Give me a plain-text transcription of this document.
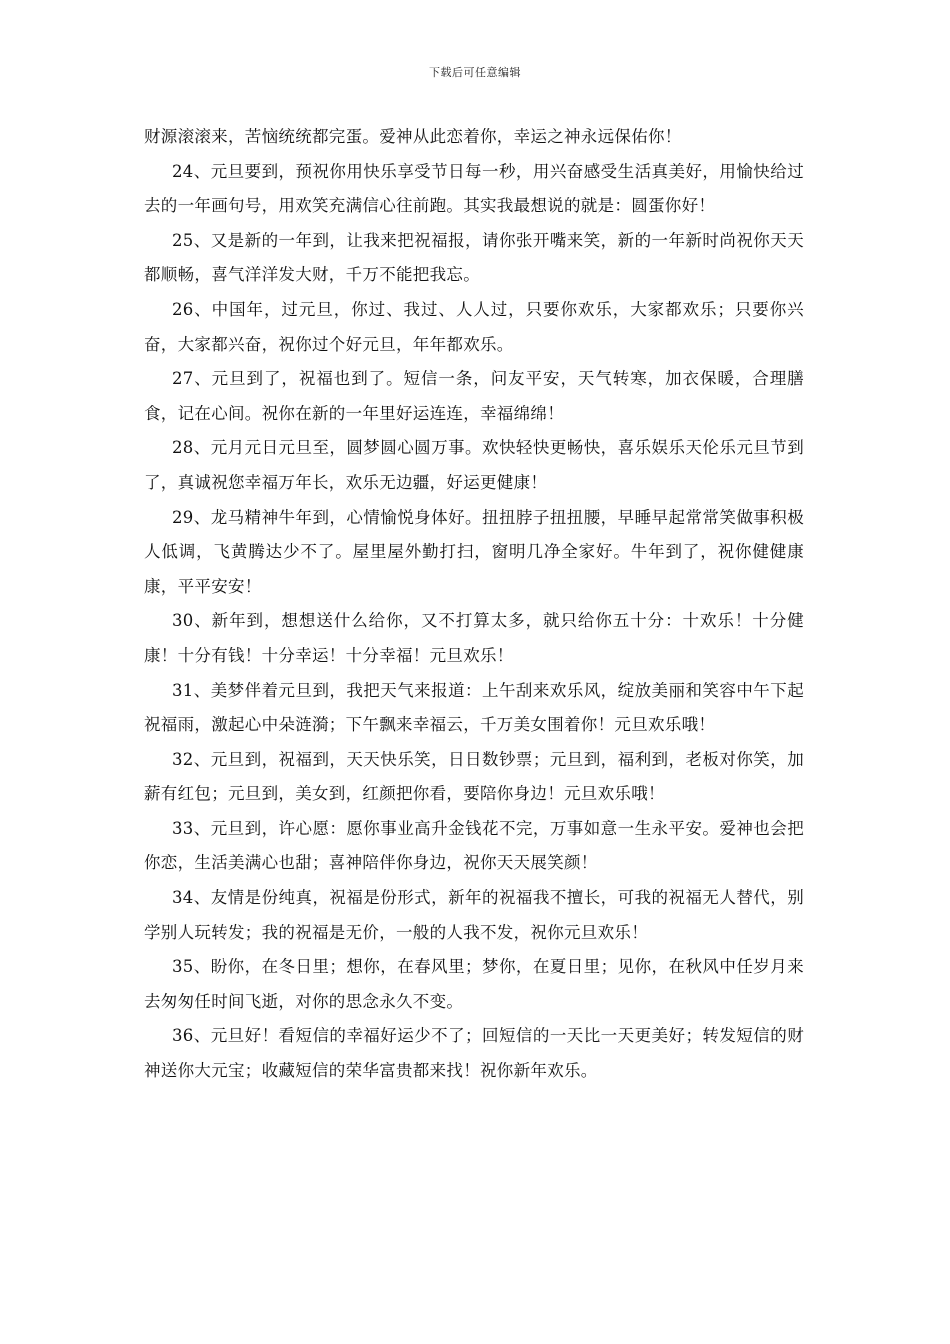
下载后可任意编辑

财源滚滚来，苦恼统统都完蛋。爱神从此恋着你，幸运之神永远保佑你！

24、元旦要到，预祝你用快乐享受节日每一秒，用兴奋感受生活真美好，用愉快给过去的一年画句号，用欢笑充满信心往前跑。其实我最想说的就是：圆蛋你好！

25、又是新的一年到，让我来把祝福报，请你张开嘴来笑，新的一年新时尚祝你天天都顺畅，喜气洋洋发大财，千万不能把我忘。

26、中国年，过元旦，你过、我过、人人过，只要你欢乐，大家都欢乐；只要你兴奋，大家都兴奋，祝你过个好元旦，年年都欢乐。

27、元旦到了，祝福也到了。短信一条，问友平安，天气转寒，加衣保暖，合理膳食，记在心间。祝你在新的一年里好运连连，幸福绵绵！

28、元月元日元旦至，圆梦圆心圆万事。欢快轻快更畅快，喜乐娱乐天伦乐元旦节到了，真诚祝您幸福万年长，欢乐无边疆，好运更健康！

29、龙马精神牛年到，心情愉悦身体好。扭扭脖子扭扭腰，早睡早起常常笑做事积极人低调，飞黄腾达少不了。屋里屋外勤打扫，窗明几净全家好。牛年到了，祝你健健康康，平平安安！

30、新年到，想想送什么给你，又不打算太多，就只给你五十分：十欢乐！十分健康！十分有钱！十分幸运！十分幸福！元旦欢乐！

31、美梦伴着元旦到，我把天气来报道：上午刮来欢乐风，绽放美丽和笑容中午下起祝福雨，激起心中朵涟漪；下午飘来幸福云，千万美女围着你！元旦欢乐哦！

32、元旦到，祝福到，天天快乐笑，日日数钞票；元旦到，福利到，老板对你笑，加薪有红包；元旦到，美女到，红颜把你看，要陪你身边！元旦欢乐哦！

33、元旦到，许心愿：愿你事业高升金钱花不完，万事如意一生永平安。爱神也会把你恋，生活美满心也甜；喜神陪伴你身边，祝你天天展笑颜！

34、友情是份纯真，祝福是份形式，新年的祝福我不擅长，可我的祝福无人替代，别学别人玩转发；我的祝福是无价，一般的人我不发，祝你元旦欢乐！

35、盼你，在冬日里；想你，在春风里；梦你，在夏日里；见你，在秋风中任岁月来去匆匆任时间飞逝，对你的思念永久不变。

36、元旦好！看短信的幸福好运少不了；回短信的一天比一天更美好；转发短信的财神送你大元宝；收藏短信的荣华富贵都来找！祝你新年欢乐。
